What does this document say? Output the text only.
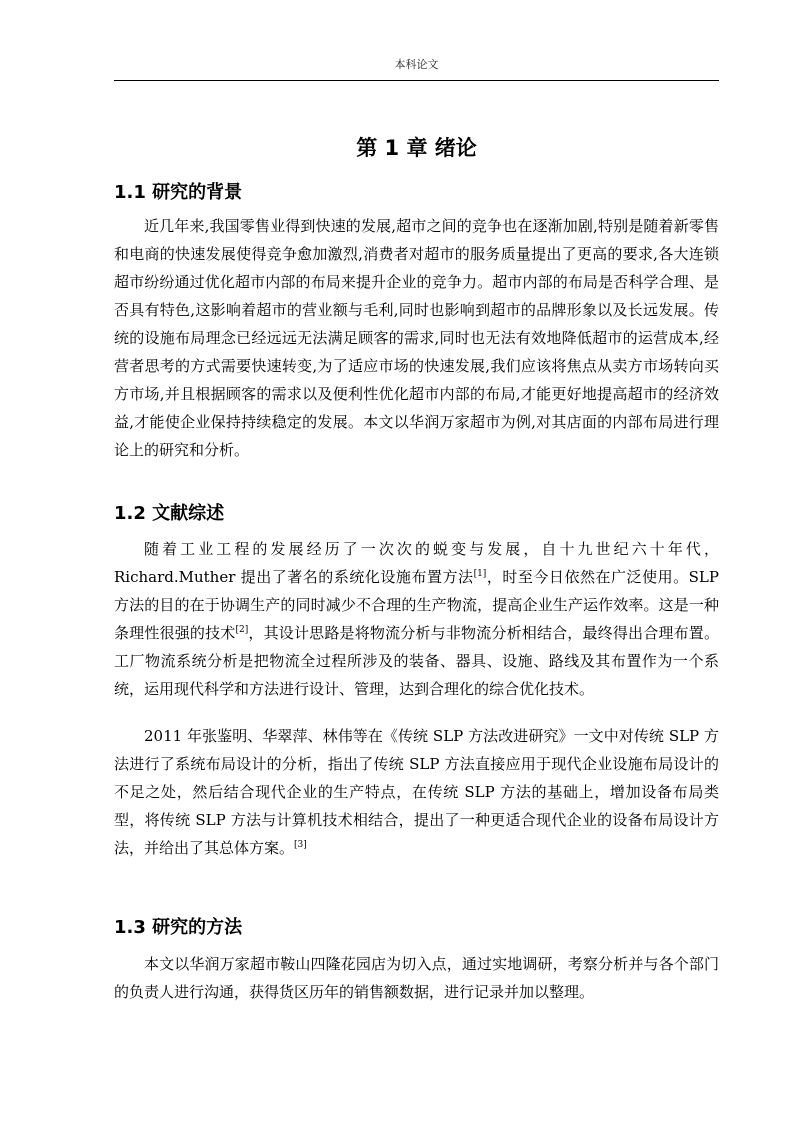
本科论文
第 1 章 绪论
1.1 研究的背景
近几年来,我国零售业得到快速的发展,超市之间的竞争也在逐渐加剧,特别是随着新零售和电商的快速发展使得竞争愈加激烈,消费者对超市的服务质量提出了更高的要求,各大连锁超市纷纷通过优化超市内部的布局来提升企业的竞争力。超市内部的布局是否科学合理、是否具有特色,这影响着超市的营业额与毛利,同时也影响到超市的品牌形象以及长远发展。传统的设施布局理念已经远远无法满足顾客的需求,同时也无法有效地降低超市的运营成本,经营者思考的方式需要快速转变,为了适应市场的快速发展,我们应该将焦点从卖方市场转向买方市场,并且根据顾客的需求以及便利性优化超市内部的布局,才能更好地提高超市的经济效益,才能使企业保持持续稳定的发展。本文以华润万家超市为例,对其店面的内部布局进行理论上的研究和分析。
1.2 文献综述
随着工业工程的发展经历了一次次的蜕变与发展，自十九世纪六十年代，Richard.Muther 提出了著名的系统化设施布置方法[1]，时至今日依然在广泛使用。SLP 方法的目的在于协调生产的同时减少不合理的生产物流，提高企业生产运作效率。这是一种条理性很强的技术[2]，其设计思路是将物流分析与非物流分析相结合，最终得出合理布置。工厂物流系统分析是把物流全过程所涉及的装备、器具、设施、路线及其布置作为一个系统，运用现代科学和方法进行设计、管理，达到合理化的综合优化技术。
2011 年张鉴明、华翠萍、林伟等在《传统 SLP 方法改进研究》一文中对传统 SLP 方法进行了系统布局设计的分析，指出了传统 SLP 方法直接应用于现代企业设施布局设计的不足之处，然后结合现代企业的生产特点，在传统 SLP 方法的基础上，增加设备布局类型，将传统 SLP 方法与计算机技术相结合，提出了一种更适合现代企业的设备布局设计方法，并给出了其总体方案。[3]
1.3 研究的方法
本文以华润万家超市鞍山四隆花园店为切入点，通过实地调研，考察分析并与各个部门的负责人进行沟通，获得货区历年的销售额数据，进行记录并加以整理。
